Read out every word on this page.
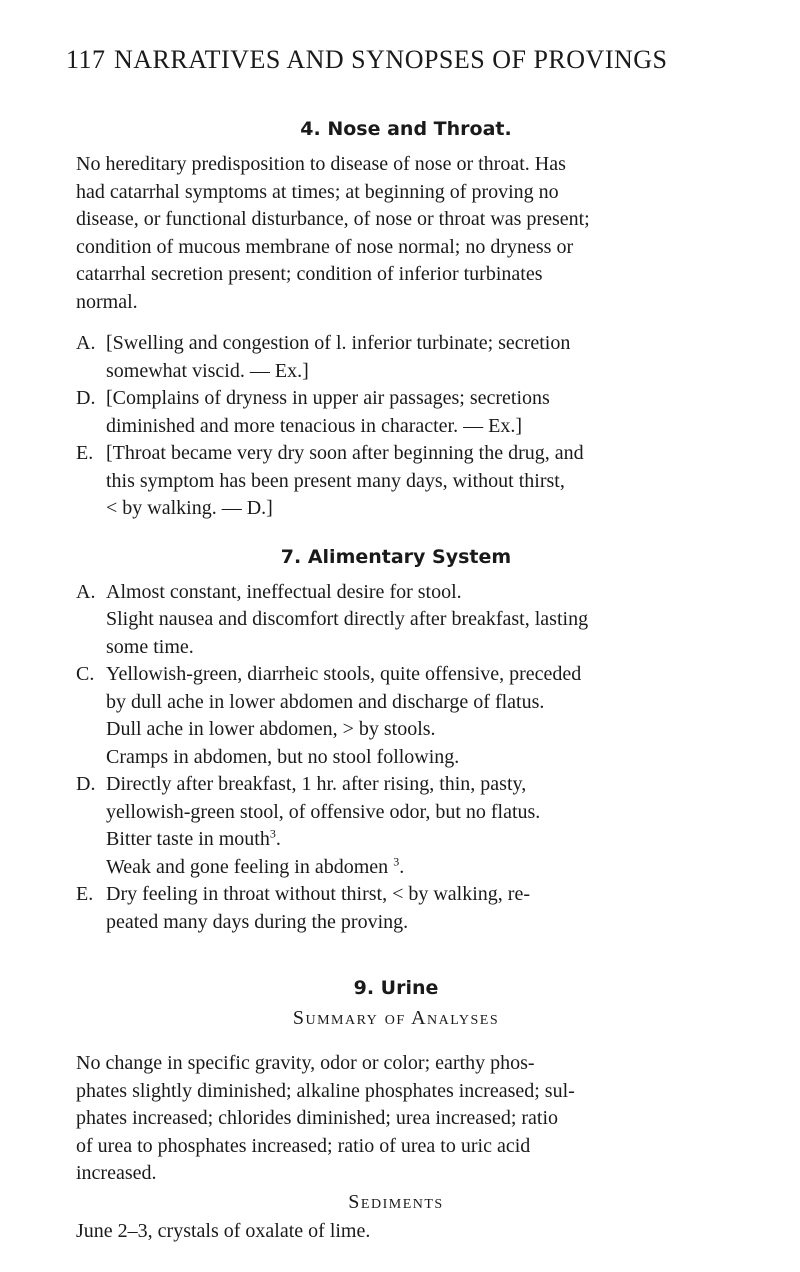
117 NARRATIVES AND SYNOPSES OF PROVINGS
4. Nose and Throat.
No hereditary predisposition to disease of nose or throat. Has
had catarrhal symptoms at times; at beginning of proving no
disease, or functional disturbance, of nose or throat was present;
condition of mucous membrane of nose normal; no dryness or
catarrhal secretion present; condition of inferior turbinates
normal.
A. [Swelling and congestion of l. inferior turbinate; secretion
somewhat viscid. — Ex.]
D. [Complains of dryness in upper air passages; secretions
diminished and more tenacious in character. — Ex.]
E. [Throat became very dry soon after beginning the drug, and
this symptom has been present many days, without thirst,
< by walking. — D.]
7. Alimentary System
A. Almost constant, ineffectual desire for stool.
Slight nausea and discomfort directly after breakfast, lasting
some time.
C. Yellowish-green, diarrheic stools, quite offensive, preceded
by dull ache in lower abdomen and discharge of flatus.
Dull ache in lower abdomen, > by stools.
Cramps in abdomen, but no stool following.
D. Directly after breakfast, 1 hr. after rising, thin, pasty,
yellowish-green stool, of offensive odor, but no flatus.
Bitter taste in mouth$^3$.
Weak and gone feeling in abdomen $^3$.
E. Dry feeling in throat without thirst, < by walking, re-
peated many days during the proving.
9. Urine
Summary of Analyses
No change in specific gravity, odor or color; earthy phos-
phates slightly diminished; alkaline phosphates increased; sul-
phates increased; chlorides diminished; urea increased; ratio
of urea to phosphates increased; ratio of urea to uric acid
increased.
Sediments
June 2–3, crystals of oxalate of lime.
